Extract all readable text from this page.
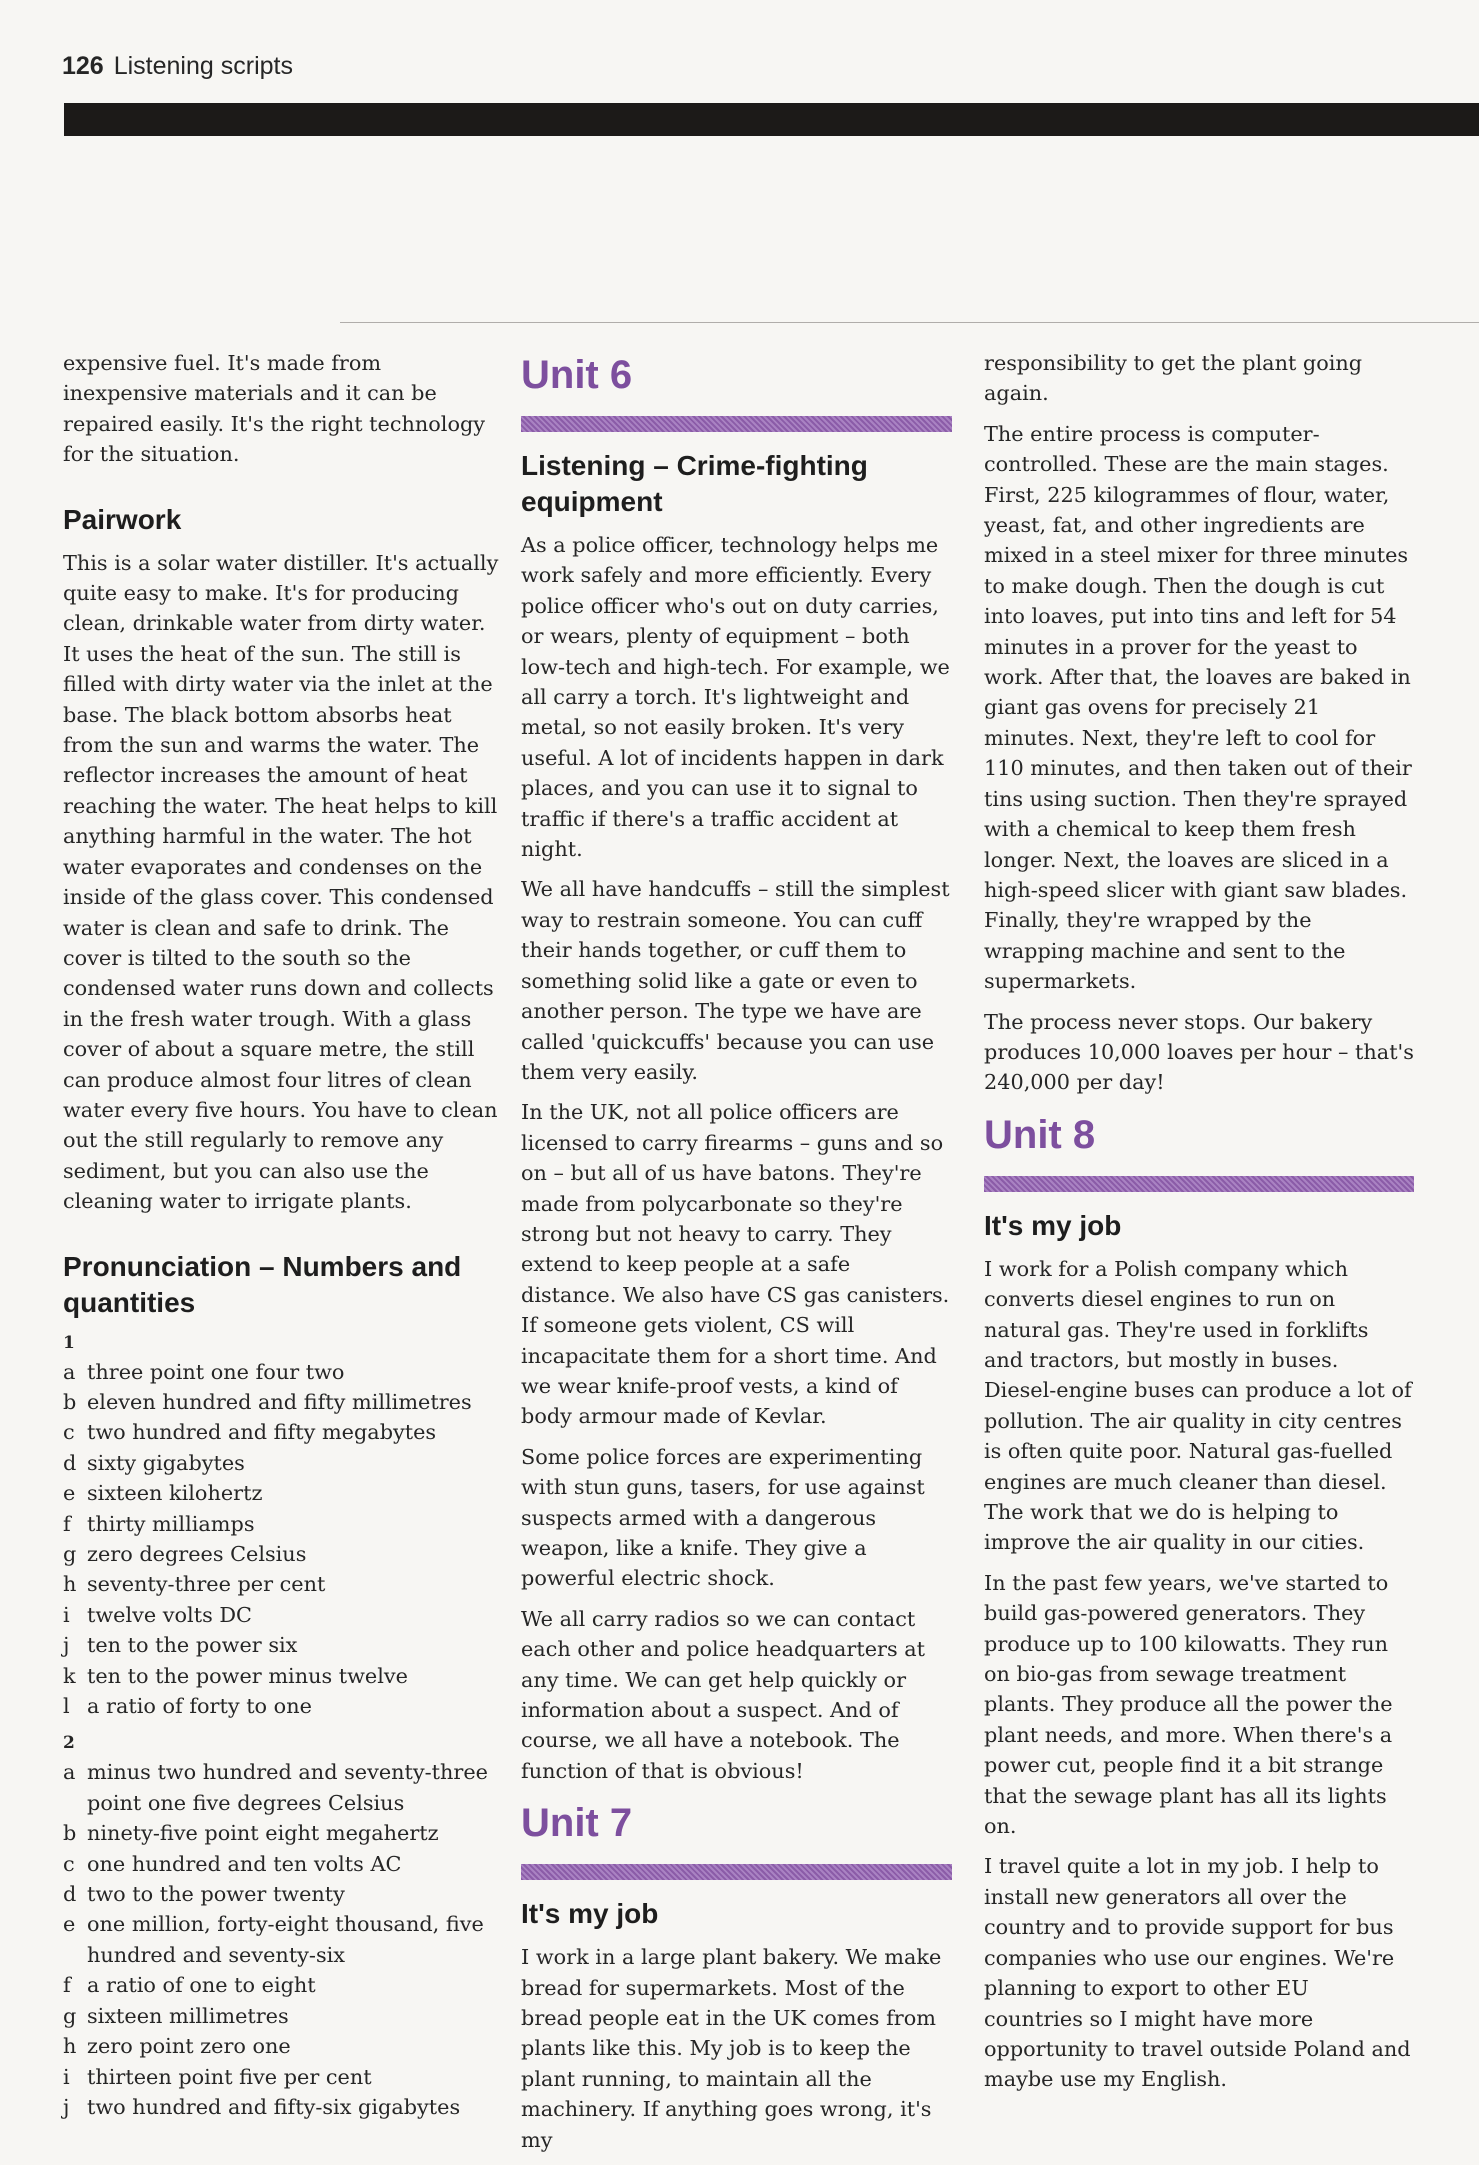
126 Listening scripts

expensive fuel. It's made from inexpensive materials and it can be repaired easily. It's the right technology for the situation.

Pairwork

This is a solar water distiller. It's actually quite easy to make. It's for producing clean, drinkable water from dirty water. It uses the heat of the sun. The still is filled with dirty water via the inlet at the base. The black bottom absorbs heat from the sun and warms the water. The reflector increases the amount of heat reaching the water. The heat helps to kill anything harmful in the water. The hot water evaporates and condenses on the inside of the glass cover. This condensed water is clean and safe to drink. The cover is tilted to the south so the condensed water runs down and collects in the fresh water trough. With a glass cover of about a square metre, the still can produce almost four litres of clean water every five hours. You have to clean out the still regularly to remove any sediment, but you can also use the cleaning water to irrigate plants.

Pronunciation – Numbers and quantities
1
a three point one four two
b eleven hundred and fifty millimetres
c two hundred and fifty megabytes
d sixty gigabytes
e sixteen kilohertz
f thirty milliamps
g zero degrees Celsius
h seventy-three per cent
i twelve volts DC
j ten to the power six
k ten to the power minus twelve
l a ratio of forty to one
2
a minus two hundred and seventy-three point one five degrees Celsius
b ninety-five point eight megahertz
c one hundred and ten volts AC
d two to the power twenty
e one million, forty-eight thousand, five hundred and seventy-six
f a ratio of one to eight
g sixteen millimetres
h zero point zero one
i thirteen point five per cent
j two hundred and fifty-six gigabytes
Unit 6
Listening – Crime-fighting equipment

As a police officer, technology helps me work safely and more efficiently. Every police officer who's out on duty carries, or wears, plenty of equipment – both low-tech and high-tech. For example, we all carry a torch. It's lightweight and metal, so not easily broken. It's very useful. A lot of incidents happen in dark places, and you can use it to signal to traffic if there's a traffic accident at night.

We all have handcuffs – still the simplest way to restrain someone. You can cuff their hands together, or cuff them to something solid like a gate or even to another person. The type we have are called 'quickcuffs' because you can use them very easily.

In the UK, not all police officers are licensed to carry firearms – guns and so on – but all of us have batons. They're made from polycarbonate so they're strong but not heavy to carry. They extend to keep people at a safe distance. We also have CS gas canisters. If someone gets violent, CS will incapacitate them for a short time. And we wear knife-proof vests, a kind of body armour made of Kevlar.

Some police forces are experimenting with stun guns, tasers, for use against suspects armed with a dangerous weapon, like a knife. They give a powerful electric shock.

We all carry radios so we can contact each other and police headquarters at any time. We can get help quickly or information about a suspect. And of course, we all have a notebook. The function of that is obvious!

Unit 7
It's my job

I work in a large plant bakery. We make bread for supermarkets. Most of the bread people eat in the UK comes from plants like this. My job is to keep the plant running, to maintain all the machinery. If anything goes wrong, it's my

responsibility to get the plant going again.

The entire process is computer-controlled. These are the main stages. First, 225 kilogrammes of flour, water, yeast, fat, and other ingredients are mixed in a steel mixer for three minutes to make dough. Then the dough is cut into loaves, put into tins and left for 54 minutes in a prover for the yeast to work. After that, the loaves are baked in giant gas ovens for precisely 21 minutes. Next, they're left to cool for 110 minutes, and then taken out of their tins using suction. Then they're sprayed with a chemical to keep them fresh longer. Next, the loaves are sliced in a high-speed slicer with giant saw blades. Finally, they're wrapped by the wrapping machine and sent to the supermarkets.

The process never stops. Our bakery produces 10,000 loaves per hour – that's 240,000 per day!

Unit 8
It's my job

I work for a Polish company which converts diesel engines to run on natural gas. They're used in forklifts and tractors, but mostly in buses. Diesel-engine buses can produce a lot of pollution. The air quality in city centres is often quite poor. Natural gas-fuelled engines are much cleaner than diesel. The work that we do is helping to improve the air quality in our cities.

In the past few years, we've started to build gas-powered generators. They produce up to 100 kilowatts. They run on bio-gas from sewage treatment plants. They produce all the power the plant needs, and more. When there's a power cut, people find it a bit strange that the sewage plant has all its lights on.

I travel quite a lot in my job. I help to install new generators all over the country and to provide support for bus companies who use our engines. We're planning to export to other EU countries so I might have more opportunity to travel outside Poland and maybe use my English.
